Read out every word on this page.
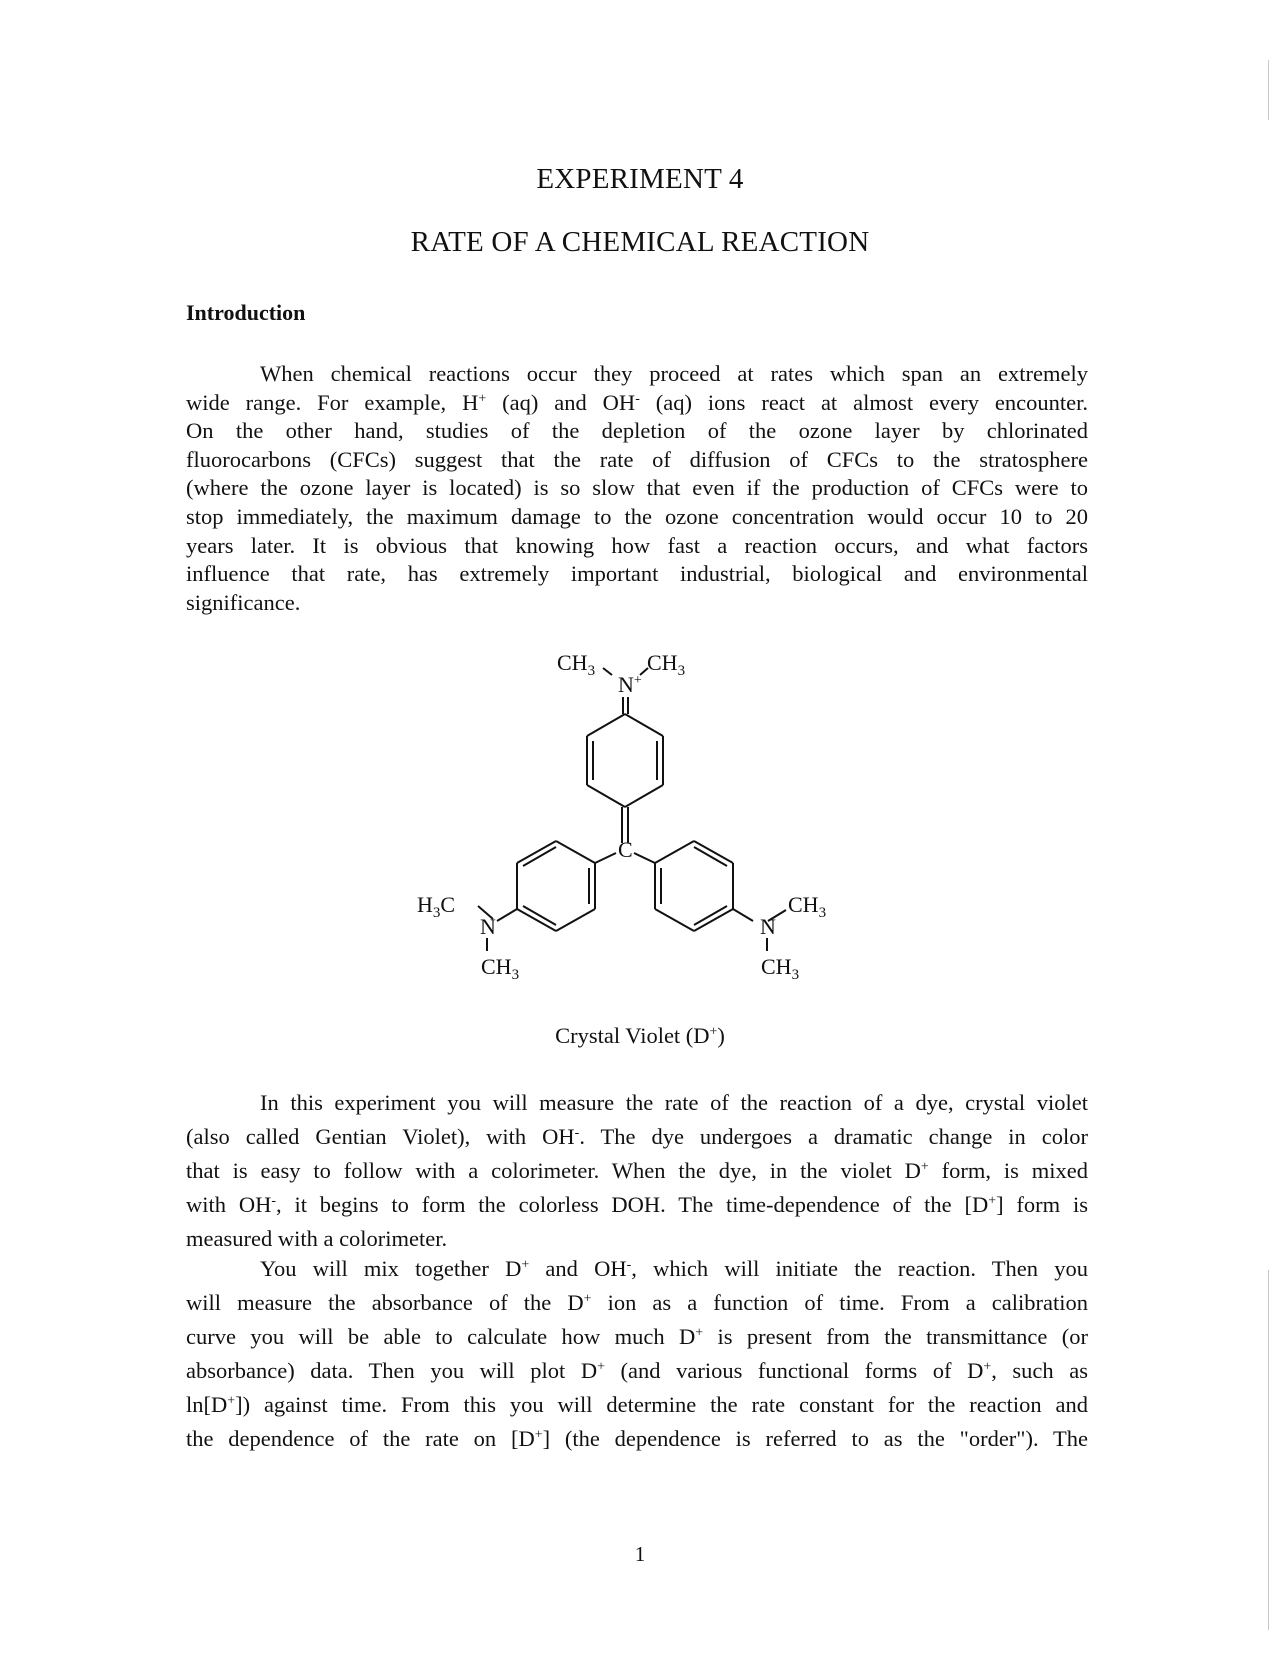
EXPERIMENT 4
RATE OF A CHEMICAL REACTION
Introduction
When chemical reactions occur they proceed at rates which span an extremely
wide range. For example, H+ (aq) and OH- (aq) ions react at almost every encounter.
On the other hand, studies of the depletion of the ozone layer by chlorinated
fluorocarbons (CFCs) suggest that the rate of diffusion of CFCs to the stratosphere
(where the ozone layer is located) is so slow that even if the production of CFCs were to
stop immediately, the maximum damage to the ozone concentration would occur 10 to 20
years later. It is obvious that knowing how fast a reaction occurs, and what factors
influence that rate, has extremely important industrial, biological and environmental
significance.
$CH_3$ $CH_3$
N+
C
$H_3C$
N
$CH_3$
N
$CH_3$
$CH_3$
Crystal Violet (D+)
In this experiment you will measure the rate of the reaction of a dye, crystal violet
(also called Gentian Violet), with OH-. The dye undergoes a dramatic change in color
that is easy to follow with a colorimeter. When the dye, in the violet D+ form, is mixed
with OH-, it begins to form the colorless DOH. The time-dependence of the [D+] form is
measured with a colorimeter.
You will mix together D+ and OH-, which will initiate the reaction. Then you
will measure the absorbance of the D+ ion as a function of time. From a calibration
curve you will be able to calculate how much D+ is present from the transmittance (or
absorbance) data. Then you will plot D+ (and various functional forms of D+, such as
ln[D+]) against time. From this you will determine the rate constant for the reaction and
the dependence of the rate on [D+] (the dependence is referred to as the "order"). The
1
